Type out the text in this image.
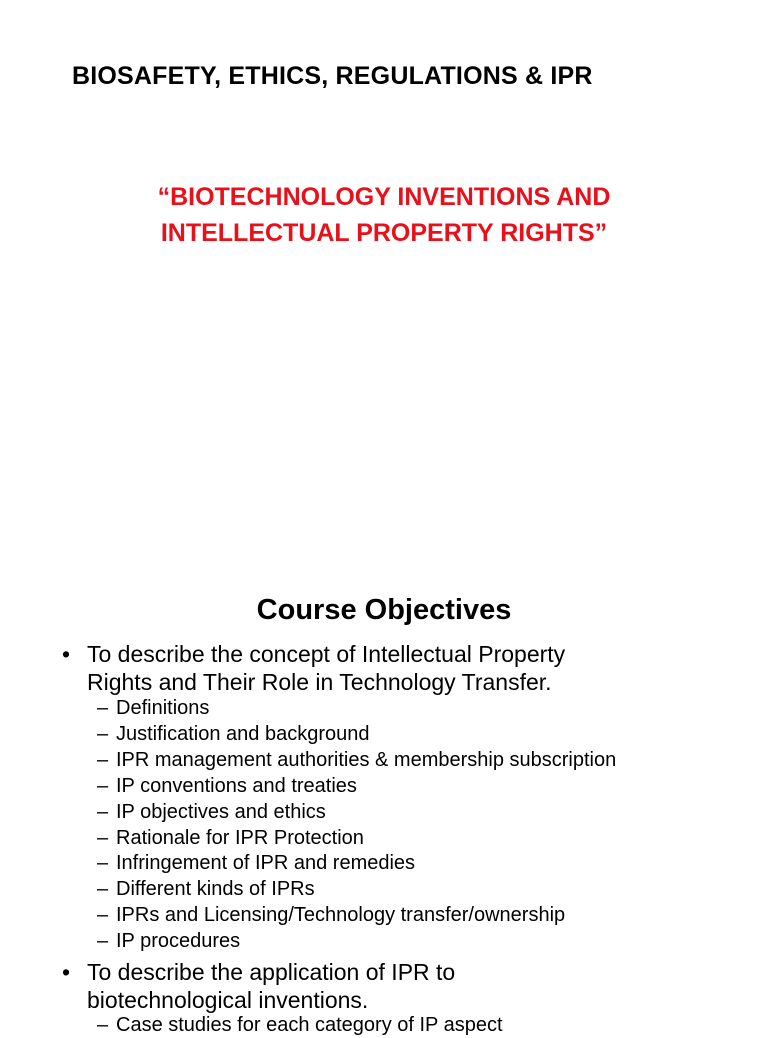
BIOSAFETY, ETHICS, REGULATIONS & IPR
“BIOTECHNOLOGY INVENTIONS AND
INTELLECTUAL PROPERTY RIGHTS”
Course Objectives
• To describe the concept of Intellectual Property
Rights and Their Role in Technology Transfer.
– Definitions
– Justification and background
– IPR management authorities & membership subscription
– IP conventions and treaties
– IP objectives and ethics
– Rationale for IPR Protection
– Infringement of IPR and remedies
– Different kinds of IPRs
– IPRs and Licensing/Technology transfer/ownership
– IP procedures
• To describe the application of IPR to
biotechnological inventions.
– Case studies for each category of IP aspect
